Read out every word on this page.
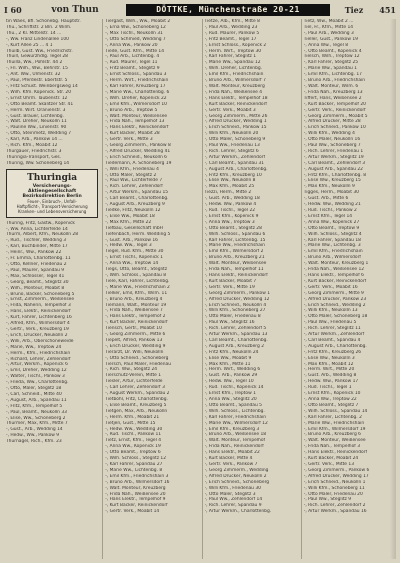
I 60	von Thun	DÖTTKE, Münchenstraße 20-21	Tiez	451
tin Waes, Bfl. Schönebg. Hauptstr.
Thu., Schriftstr. 2 Bln. 2 Wilm.
Thu., 2 Kl. Mittelstr. 14 ...
-, Ww. Franz Lindenallee 100
-, Kurt Allee 25 ... 4 1
Thuilb, Gust. Ww., Friedrichstr.
Thuill, Gewürzhdlg. Tegel 28
Thuilla, Ww., Pohlstr. 44 2
-, Fri. Wilh., Ww., Behrstr. 15
-, Ant. Ww., Ulmenstr. 32
-, Paul, Pferdestr. Ebertstr. 5
-, Fritz Schust. Weinbergsweg 14
-, Wilh. Kfm. Kopenick. Str. 20
-, Ernst Uhrm. Taubenstr. 12
-, Otto Beamt. Skalitzer Str. 41
-, Herm. Wirt. Oranienstr. 3
-, Gust. Brauer, Lichtenbg.
-, Walt. Dreher, Neukölln 11
-, Pauline Ww., Linienstr. 90
-, Otto, Steinmetz, Wedding 7
-, Karl, Arb., Pankow 14 ...
-, Rich. Kfm., Moabit 12
Thurgauer, Friedrichstr. 3
Thuringia-Transport, Ges.
Thuring, Ww. Schöneberg 14
Thuringia
Versicherungs-Aktiengesellschaft
Bezirksdirektion Berlin
Feuer-, Einbruch-, Unfall-
Haftpflicht-, Transport-Versicherung
Kranken- und Lebensversicherung
Thüring, Fritz, Gastw., Köpenick
-, Ww. Anna, Lichterfelde 14
Thurm, Albert, Kfm., Neukölln 28
-, Rud., Tischler, Wedding 3
-, Karl, Buchbinder, Mitte 17
-, Heinr., Ww., Pankow 22
-, Fr. Emma, Charlottenbg. 11
-, Otto, Kellner, Friedenau 2
-, Paul, Maurer, Spandau 9
-, Max, Schlosser, Tegel 41
-, Georg, Beamt., Steglitz 30
-, Wilh., Monteur, Moabit 8
-, Bruno, Bäcker, Schöneberg 5
-, Ernst, Zimmerm., Weißensee
-, Frida, Näherin, Tempelhof 3
-, Hans, Elektr., Reinickendorf
-, Kurt, Fahrer, Lichtenberg 16
-, Alfred, Kfm., Wilmersdorf 4
-, Gertr., Verk., Kreuzberg 19
-, Erich, Drucker, Neukölln 2
-, Willi, Arb., Oberschöneweide
-, Marie, Ww., Treptow 24
-, Herm., Kfm., Friedrichshain
-, Richard, Lehrer, Zehlendorf
-, Artur, Werkm., Köpenick 6
-, Emil, Dreher, Wedding 12
-, Walter, Tischl., Pankow 3
-, Frieda, Ww., Charlottenbg.
-, Otto, Maler, Steglitz 18
-, Carl, Schneid., Mitte 40
-, August, Arb., Spandau 11
-, Fritz, Kfm., Tempelhof 5
-, Paul, Beamt., Neukölln 33
-, Elise, Ww., Schöneberg 2
Thürmer, Max, Kfm., Mitte 7
-, Gust., Arb., Wedding 14
-, Hedw., Ww., Pankow 9
Thürnagel, Rich., Kfm. 23
Tiergast, Wilh., Ww., Moabit 2
-, Erna Ww., Schöneberg 12
-, Max Tischl., Neukölln 31
-, Otto Schmied, Wedding 7
-, Anna Ww., Pankow 20
Tiede, Gust. Kfm., Mitte 14
-, Paul Arb., Lichtenbg. 4
-, Rud. Maurer, Tegel 11
-, Fritz Beamt., Steglitz 9
-, Ernst Schloss., Spandau 3
-, Herm. Wirt., Friedrichshain
-, Karl Fahrer, Kreuzberg 17
-, Marie Ww., Charlottenbg. 6
-, Wilh. Dreher, Köpenick 22
-, Emil Kfm., Wilmersdorf 10
-, Bruno Arb., Treptow 5
-, Walt. Monteur, Weißensee
-, Frida Näh., Tempelhof 13
-, Hans Elektr., Reinickendorf
-, Kurt Bäcker, Moabit 28
-, Gertr. Verk., Mitte 3
-, Georg Zimmerm., Pankow 8
-, Alfred Drucker, Wedding 41
-, Erich Schneid., Neukölln 6
Tiedemann, A. Schöneberg 19
-, Willi Kfm., Friedenau 4
-, Otto Maler, Steglitz 2
-, Paul Ww., Lichterfelde 7
-, Rich. Lehrer, Zehlendorf
-, Artur Werkm., Spandau 15
-, Carl Beamt., Charlottenbg.
-, August Arb., Kreuzberg 9
Tiedke, Fritz, Neukölln 12
-, Elise Ww., Moabit 18
-, Max Kfm., Mitte 22
Tiefbau, Gesellschaft mbH
Tiefenbach, Herm. Wedding 5
-, Gust. Arb., Pankow 16
-, Hedw. Ww., Tegel 3
Tiegel, Rud. Kfm., Mitte 30
-, Ernst Tischl., Köpenick 1
-, Anna Ww., Treptow 14
Tiegs, Otto, Beamt., Steglitz
-, Wilh. Schloss., Spandau 8
Tiele, Karl, Fahrer, Lichtenbg.
-, Marie Ww., Friedrichshain 2
Tielker, Emil, Kfm., Wilm. 11
-, Bruno Arb., Kreuzberg 4
Tiemann, Walt., Monteur 19
-, Frida Näh., Weißensee 7
-, Hans Elektr., Tempelhof 2
-, Kurt Bäcker, Reinickendorf
Tiensch, Gertr., Moabit 10
-, Georg Zimmerm., Mitte 6
Tiepelt, Alfred, Pankow 13
-, Erich Drucker, Wedding 9
Tierarzt, Dr. Willi, Neukölln
-, Otto Schneid., Schöneberg
Tiersch, Paul Maler, Friedenau
-, Rich. Ww., Steglitz 24
Tierschutz-Verein, Mitte 1
Tiesler, Artur, Lichterfelde
-, Carl Lehrer, Zehlendorf 3
-, August Werkm., Spandau 2
Tietböhl, Fritz, Charlottenbg.
-, Elise Beamt., Kreuzberg 5
Tietgen, Max, Arb., Neukölln
-, Herm. Kfm., Moabit 21
Tietjen, Gust., Mitte 15
-, Hedw. Ww., Wedding 30
-, Rud. Tischl., Pankow 11
Tietz, Ernst, Kfm., Tegel 4
-, Anna Ww., Köpenick 19
-, Otto Beamt., Treptow 6
-, Wilh. Schloss., Steglitz 12
-, Karl Fahrer, Spandau 27
-, Marie Ww., Lichtenbg. 8
-, Emil Kfm., Friedrichshain 3
-, Bruno Arb., Wilmersdorf 16
-, Walt. Monteur, Kreuzberg
-, Frida Näh., Weißensee 20
-, Hans Elektr., Tempelhof 9
-, Kurt Bäcker, Reinickendorf
-, Gertr. Verk., Moabit 14
Tietze, Alb., Kfm., Mitte 8
-, Paul Arb., Wedding 23
-, Rud. Maurer, Pankow 5
-, Fritz Beamt., Tegel 17
-, Ernst Schloss., Köpenick 2
-, Herm. Wirt., Treptow 30
-, Karl Fahrer, Steglitz 1
-, Marie Ww., Spandau 12
-, Wilh. Dreher, Lichtenbg.
-, Emil Kfm., Friedrichshain
-, Bruno Arb., Wilmersdorf 7
-, Walt. Monteur, Kreuzberg
-, Frida Näh., Weißensee 4
-, Hans Elektr., Tempelhof 18
-, Kurt Bäcker, Reinickendorf
-, Gertr. Verk., Moabit 3
-, Georg Zimmerm., Mitte 26
-, Alfred Drucker, Wedding 1
-, Erich Schneid., Pankow 15
-, Willi Kfm., Neukölln 20
-, Otto Maler, Schöneberg 9
-, Paul Ww., Friedenau 13
-, Rich. Lehrer, Steglitz 6
-, Artur Werkm., Zehlendorf
-, Carl Beamt., Spandau 31
-, August Arb., Charlottenbg.
-, Fritz Kfm., Kreuzberg 10
-, Elise Ww., Neukölln 8
-, Max Kfm., Moabit 25
Tiezzi, Herm., Mitte 2
-, Gust. Arb., Wedding 18
-, Hedw. Ww., Pankow 4
-, Rud. Tischl., Tegel 22
-, Ernst Kfm., Köpenick 9
-, Anna Ww., Treptow 3
-, Otto Beamt., Steglitz 28
-, Wilh. Schloss., Spandau 6
-, Karl Fahrer, Lichtenbg. 15
-, Marie Ww., Friedrichshain
-, Emil Kfm., Wilmersdorf 2
-, Bruno Arb., Kreuzberg 21
-, Walt. Monteur, Weißensee
-, Frida Näh., Tempelhof 11
-, Hans Elektr., Reinickendorf
-, Kurt Bäcker, Moabit 7
-, Gertr. Verk., Mitte 19
-, Georg Zimmerm., Pankow 1
-, Alfred Drucker, Wedding 12
-, Erich Schneid., Neukölln 4
-, Willi Kfm., Schöneberg 27
-, Otto Maler, Friedenau 8
-, Paul Ww., Steglitz 16
-, Rich. Lehrer, Zehlendorf 5
-, Artur Werkm., Spandau 13
-, Carl Beamt., Charlottenbg.
-, August Arb., Kreuzberg 2
-, Fritz Kfm., Neukölln 24
-, Elise Ww., Moabit 9
-, Max Kfm., Mitte 11
-, Herm. Wirt., Wedding 6
-, Gust. Arb., Pankow 29
-, Hedw. Ww., Tegel 10
-, Rud. Tischl., Köpenick 14
-, Ernst Kfm., Treptow 1
-, Anna Ww., Steglitz 20
-, Otto Beamt., Spandau 5
-, Wilh. Schloss., Lichtenbg.
-, Karl Fahrer, Friedrichshain
-, Marie Ww., Wilmersdorf 12
-, Emil Kfm., Kreuzberg 3
-, Bruno Arb., Weißensee 18
-, Walt. Monteur, Tempelhof
-, Frida Näh., Reinickendorf
-, Hans Elektr., Moabit 22
-, Kurt Bäcker, Mitte 4
-, Gertr. Verk., Pankow 7
-, Georg Zimmerm., Wedding
-, Alfred Drucker, Neukölln 2
-, Erich Schneid., Schöneberg
-, Willi Kfm., Friedenau 30
-, Otto Maler, Steglitz 3
-, Paul Ww., Zehlendorf 14
-, Rich. Lehrer, Spandau 9
-, Artur Werkm., Charlottenbg.
Tietz, Ww., Moabit 2 ...
Tiel, Fr., Kfm., Mitte 14
-, Paul Arb., Wedding 3
Tieller, Gust., Pankow 19
-, Anna Ww., Tegel 8
-, Otto Beamt., Köpenick 4
Tielsch, Wilh., Treptow 12
-, Karl Fahrer, Steglitz 25
-, Marie Ww., Spandau 1
-, Emil Kfm., Lichtenbg. 17
-, Bruno Arb., Friedrichshain
-, Walt. Monteur, Wilm. 6
-, Frida Näh., Kreuzberg 13
Tiffert, Hans, Weißensee 2
-, Kurt Bäcker, Tempelhof 20
-, Gertr. Verk., Reinickendorf
-, Georg Zimmerm., Moabit 5
-, Alfred Drucker, Mitte 28
-, Erich Schneid., Pankow 10
-, Willi Kfm., Wedding 4
-, Otto Maler, Neukölln 16
-, Paul Ww., Schöneberg 7
-, Rich. Lehrer, Friedenau 1
-, Artur Werkm., Steglitz 19
-, Carl Beamt., Zehlendorf 3
-, August Arb., Spandau 22
-, Fritz Kfm., Charlottenbg. 8
-, Elise Ww., Kreuzberg 15
-, Max Kfm., Neukölln 9
Tigges, Herm., Moabit 30
-, Gust. Arb., Mitte 6
-, Hedw. Ww., Wedding 21
-, Rud. Tischl., Pankow 2
-, Ernst Kfm., Tegel 14
-, Anna Ww., Köpenick 27
-, Otto Beamt., Treptow 9
-, Wilh. Schloss., Steglitz 4
-, Karl Fahrer, Spandau 18
-, Marie Ww., Lichtenbg. 3
-, Emil Kfm., Friedrichshain
-, Bruno Arb., Wilmersdorf
-, Walt. Monteur, Kreuzberg 1
-, Frida Näh., Weißensee 12
-, Hans Elektr., Tempelhof 6
-, Kurt Bäcker, Reinickendorf
-, Gertr. Verk., Moabit 16
-, Georg Zimmerm., Mitte 9
-, Alfred Drucker, Pankow 23
-, Erich Schneid., Wedding 2
-, Willi Kfm., Neukölln 13
-, Otto Maler, Schöneberg 18
-, Paul Ww., Friedenau 5
-, Rich. Lehrer, Steglitz 11
-, Artur Werkm., Zehlendorf
-, Carl Beamt., Spandau 4
-, August Arb., Charlottenbg.
-, Fritz Kfm., Kreuzberg 26
-, Elise Ww., Neukölln 3
-, Max Kfm., Moabit 12
-, Herm. Wirt., Mitte 20
-, Gust. Arb., Wedding 8
-, Hedw. Ww., Pankow 17
-, Rud. Tischl., Tegel 1
-, Ernst Kfm., Köpenick 10
-, Anna Ww., Treptow 22
-, Otto Beamt., Steglitz 7
-, Wilh. Schloss., Spandau 14
-, Karl Fahrer, Lichtenbg. 2
-, Marie Ww., Friedrichshain
-, Emil Kfm., Wilmersdorf 19
-, Bruno Arb., Kreuzberg 6
-, Walt. Monteur, Weißensee
-, Frida Näh., Tempelhof 3
-, Hans Elektr., Reinickendorf
-, Kurt Bäcker, Moabit 24
-, Gertr. Verk., Mitte 13
-, Georg Zimmerm., Pankow 6
-, Alfred Drucker, Wedding 17
-, Erich Schneid., Neukölln 1
-, Willi Kfm., Schöneberg 11
-, Otto Maler, Friedenau 20
-, Paul Ww., Steglitz 9
-, Rich. Lehrer, Zehlendorf 2
-, Artur Werkm., Spandau 16
